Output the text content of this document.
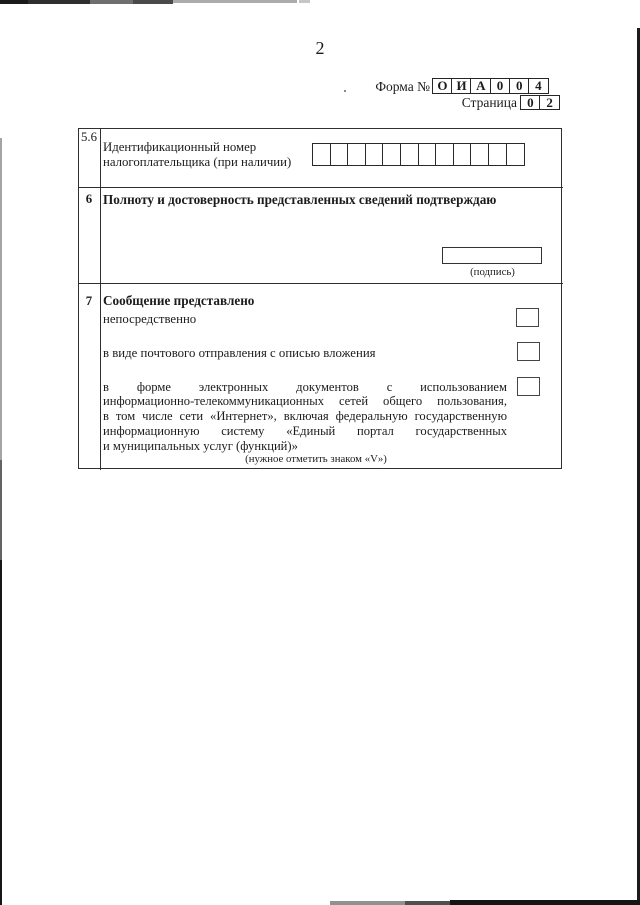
2
Форма № О И А 0 0 4
Страница 0 2
5.6
Идентификационный номер
налогоплательщика (при наличии)
6 Полноту и достоверность представленных сведений подтверждаю
(подпись)
7 Сообщение представлено
непосредственно
в виде почтового отправления с описью вложения
в форме электронных документов с использованием
информационно-телекоммуникационных сетей общего пользования,
в том числе сети «Интернет», включая федеральную государственную
информационную систему «Единый портал государственных
и муниципальных услуг (функций)»
(нужное отметить знаком «V»)
